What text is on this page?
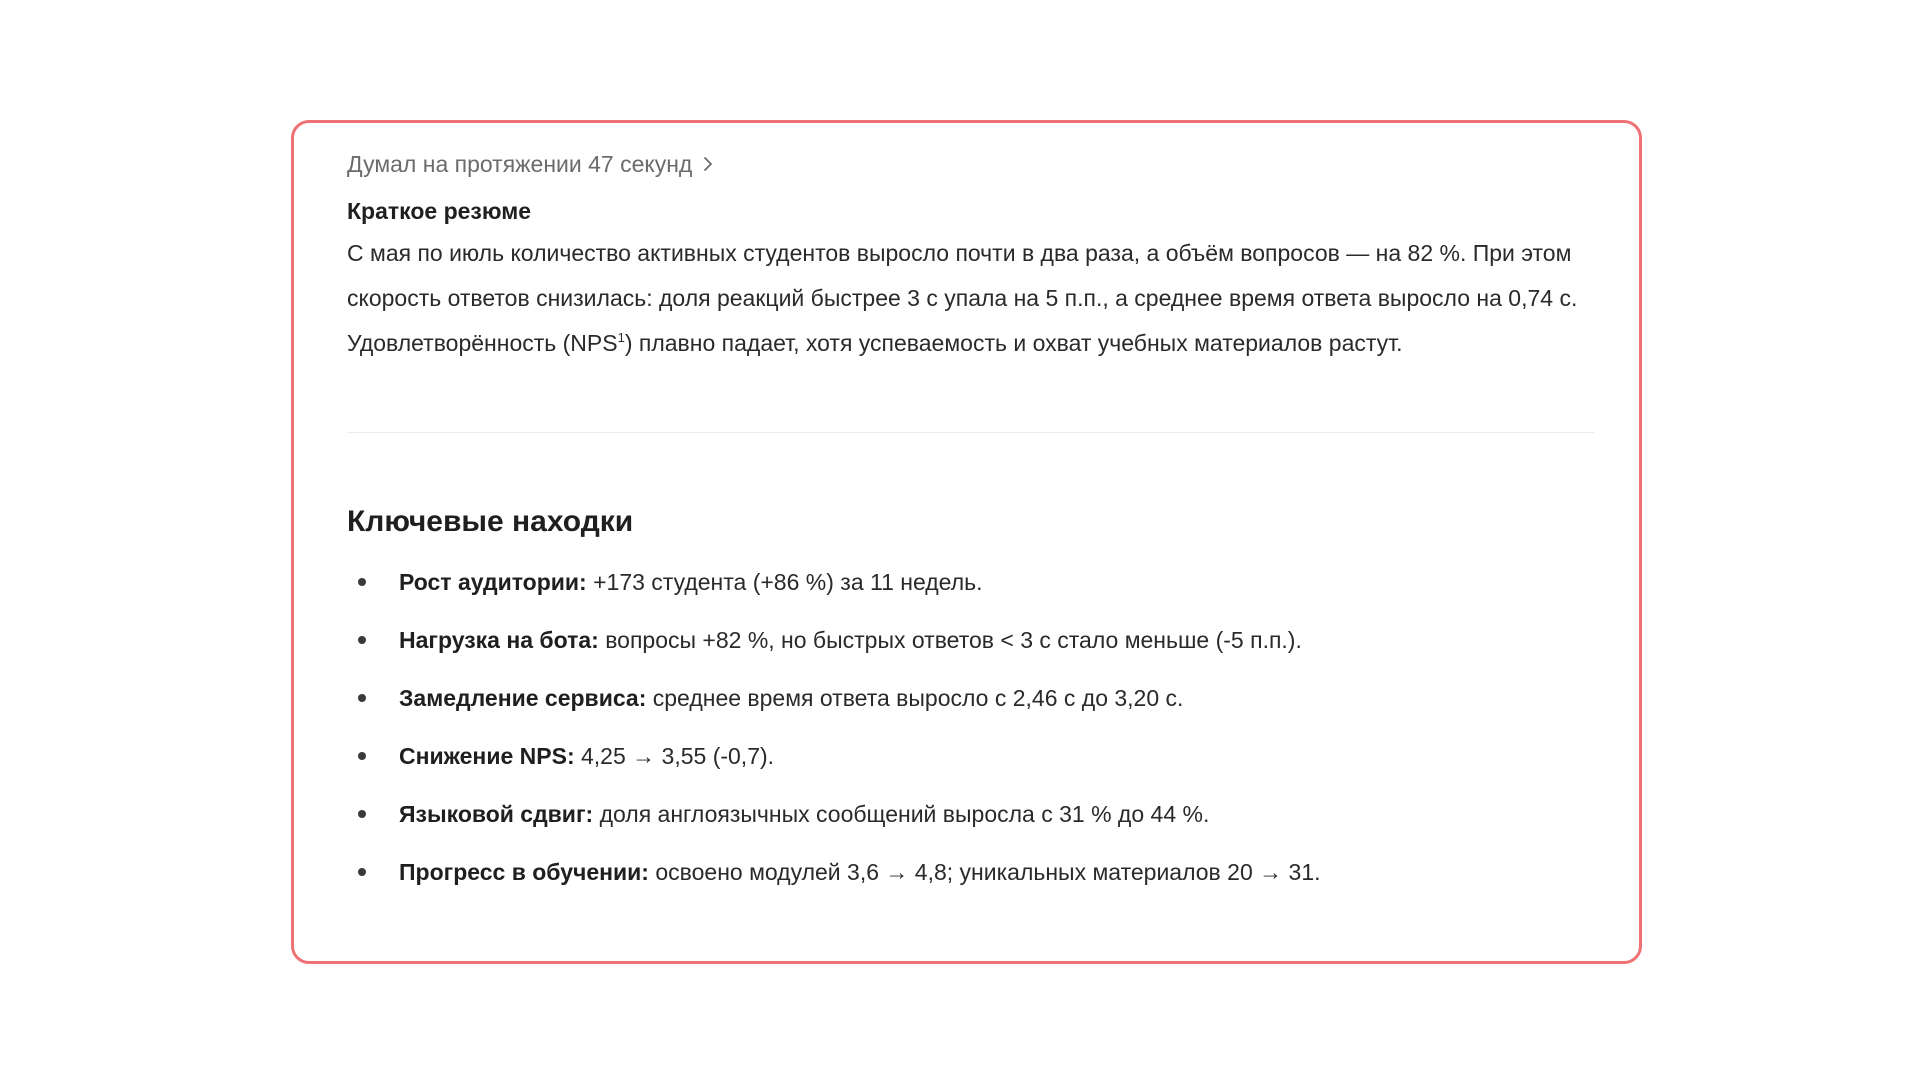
Думал на протяжении 47 секунд
Краткое резюме
С мая по июль количество активных студентов выросло почти в два раза, а объём вопросов — на 82 %. При этом скорость ответов снизилась: доля реакций быстрее 3 с упала на 5 п.п., а среднее время ответа выросло на 0,74 с. Удовлетворённость (NPS$^1$) плавно падает, хотя успеваемость и охват учебных материалов растут.
Ключевые находки
Рост аудитории: +173 студента (+86 %) за 11 недель.
Нагрузка на бота: вопросы +82 %, но быстрых ответов < 3 с стало меньше (-5 п.п.).
Замедление сервиса: среднее время ответа выросло с 2,46 с до 3,20 с.
Снижение NPS: 4,25 → 3,55 (-0,7).
Языковой сдвиг: доля англоязычных сообщений выросла с 31 % до 44 %.
Прогресс в обучении: освоено модулей 3,6 → 4,8; уникальных материалов 20 → 31.
